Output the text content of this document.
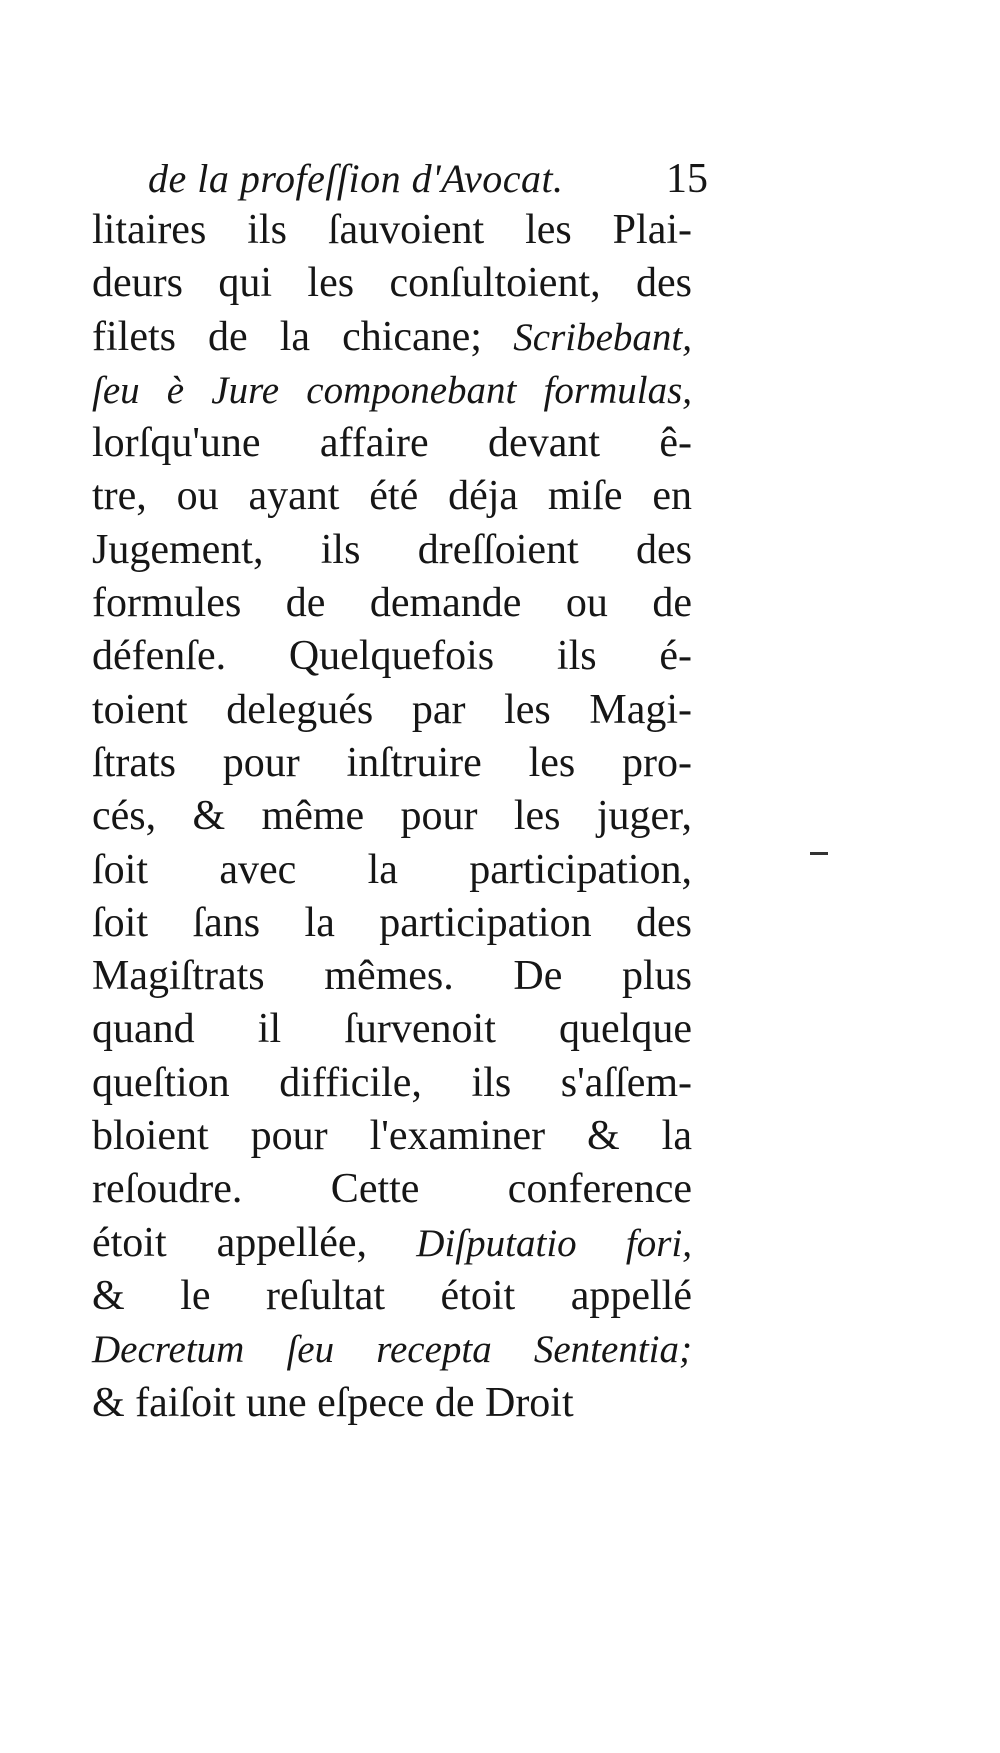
de la profeſſion d'Avocat. 15
litaires ils ſauvoient les Plai-
deurs qui les conſultoient, des
filets de la chicane; Scribebant,
ſeu è Jure componebant formulas,
lorſqu'une affaire devant ê-
tre, ou ayant été déja miſe en
Jugement, ils dreſſoient des
formules de demande ou de
défenſe. Quelquefois ils é-
toient delegués par les Magi-
ſtrats pour inſtruire les pro-
cés, & même pour les juger,
ſoit avec la participation,
ſoit ſans la participation des
Magiſtrats mêmes. De plus
quand il ſurvenoit quelque
queſtion difficile, ils s'aſſem-
bloient pour l'examiner & la
reſoudre. Cette conference
étoit appellée, Diſputatio fori,
& le reſultat étoit appellé
Decretum ſeu recepta Sententia;
& faiſoit une eſpece de Droit
